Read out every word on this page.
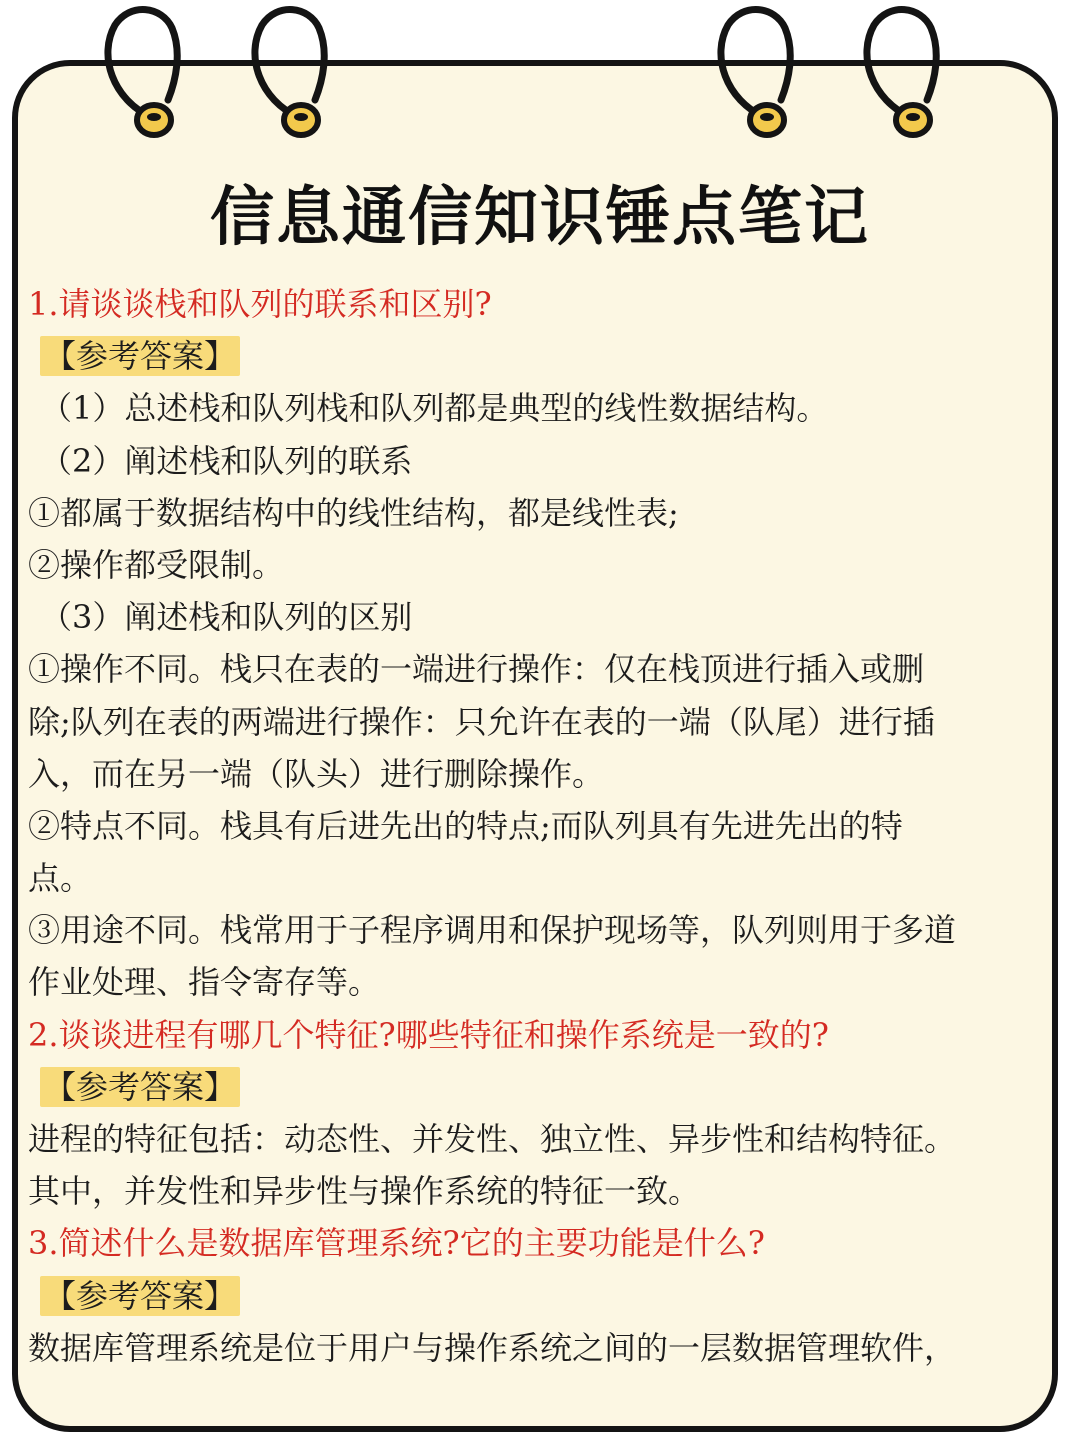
信息通信知识锤点笔记
1.请谈谈栈和队列的联系和区别?
【参考答案】
（1）总述栈和队列栈和队列都是典型的线性数据结构。
（2）阐述栈和队列的联系
①都属于数据结构中的线性结构，都是线性表;
②操作都受限制。
（3）阐述栈和队列的区别
①操作不同。栈只在表的一端进行操作：仅在栈顶进行插入或删
除;队列在表的两端进行操作：只允许在表的一端（队尾）进行插
入，而在另一端（队头）进行删除操作。
②特点不同。栈具有后进先出的特点;而队列具有先进先出的特
点。
③用途不同。栈常用于子程序调用和保护现场等，队列则用于多道
作业处理、指令寄存等。
2.谈谈进程有哪几个特征?哪些特征和操作系统是一致的?
【参考答案】
进程的特征包括：动态性、并发性、独立性、异步性和结构特征。
其中，并发性和异步性与操作系统的特征一致。
3.简述什么是数据库管理系统?它的主要功能是什么?
【参考答案】
数据库管理系统是位于用户与操作系统之间的一层数据管理软件，
